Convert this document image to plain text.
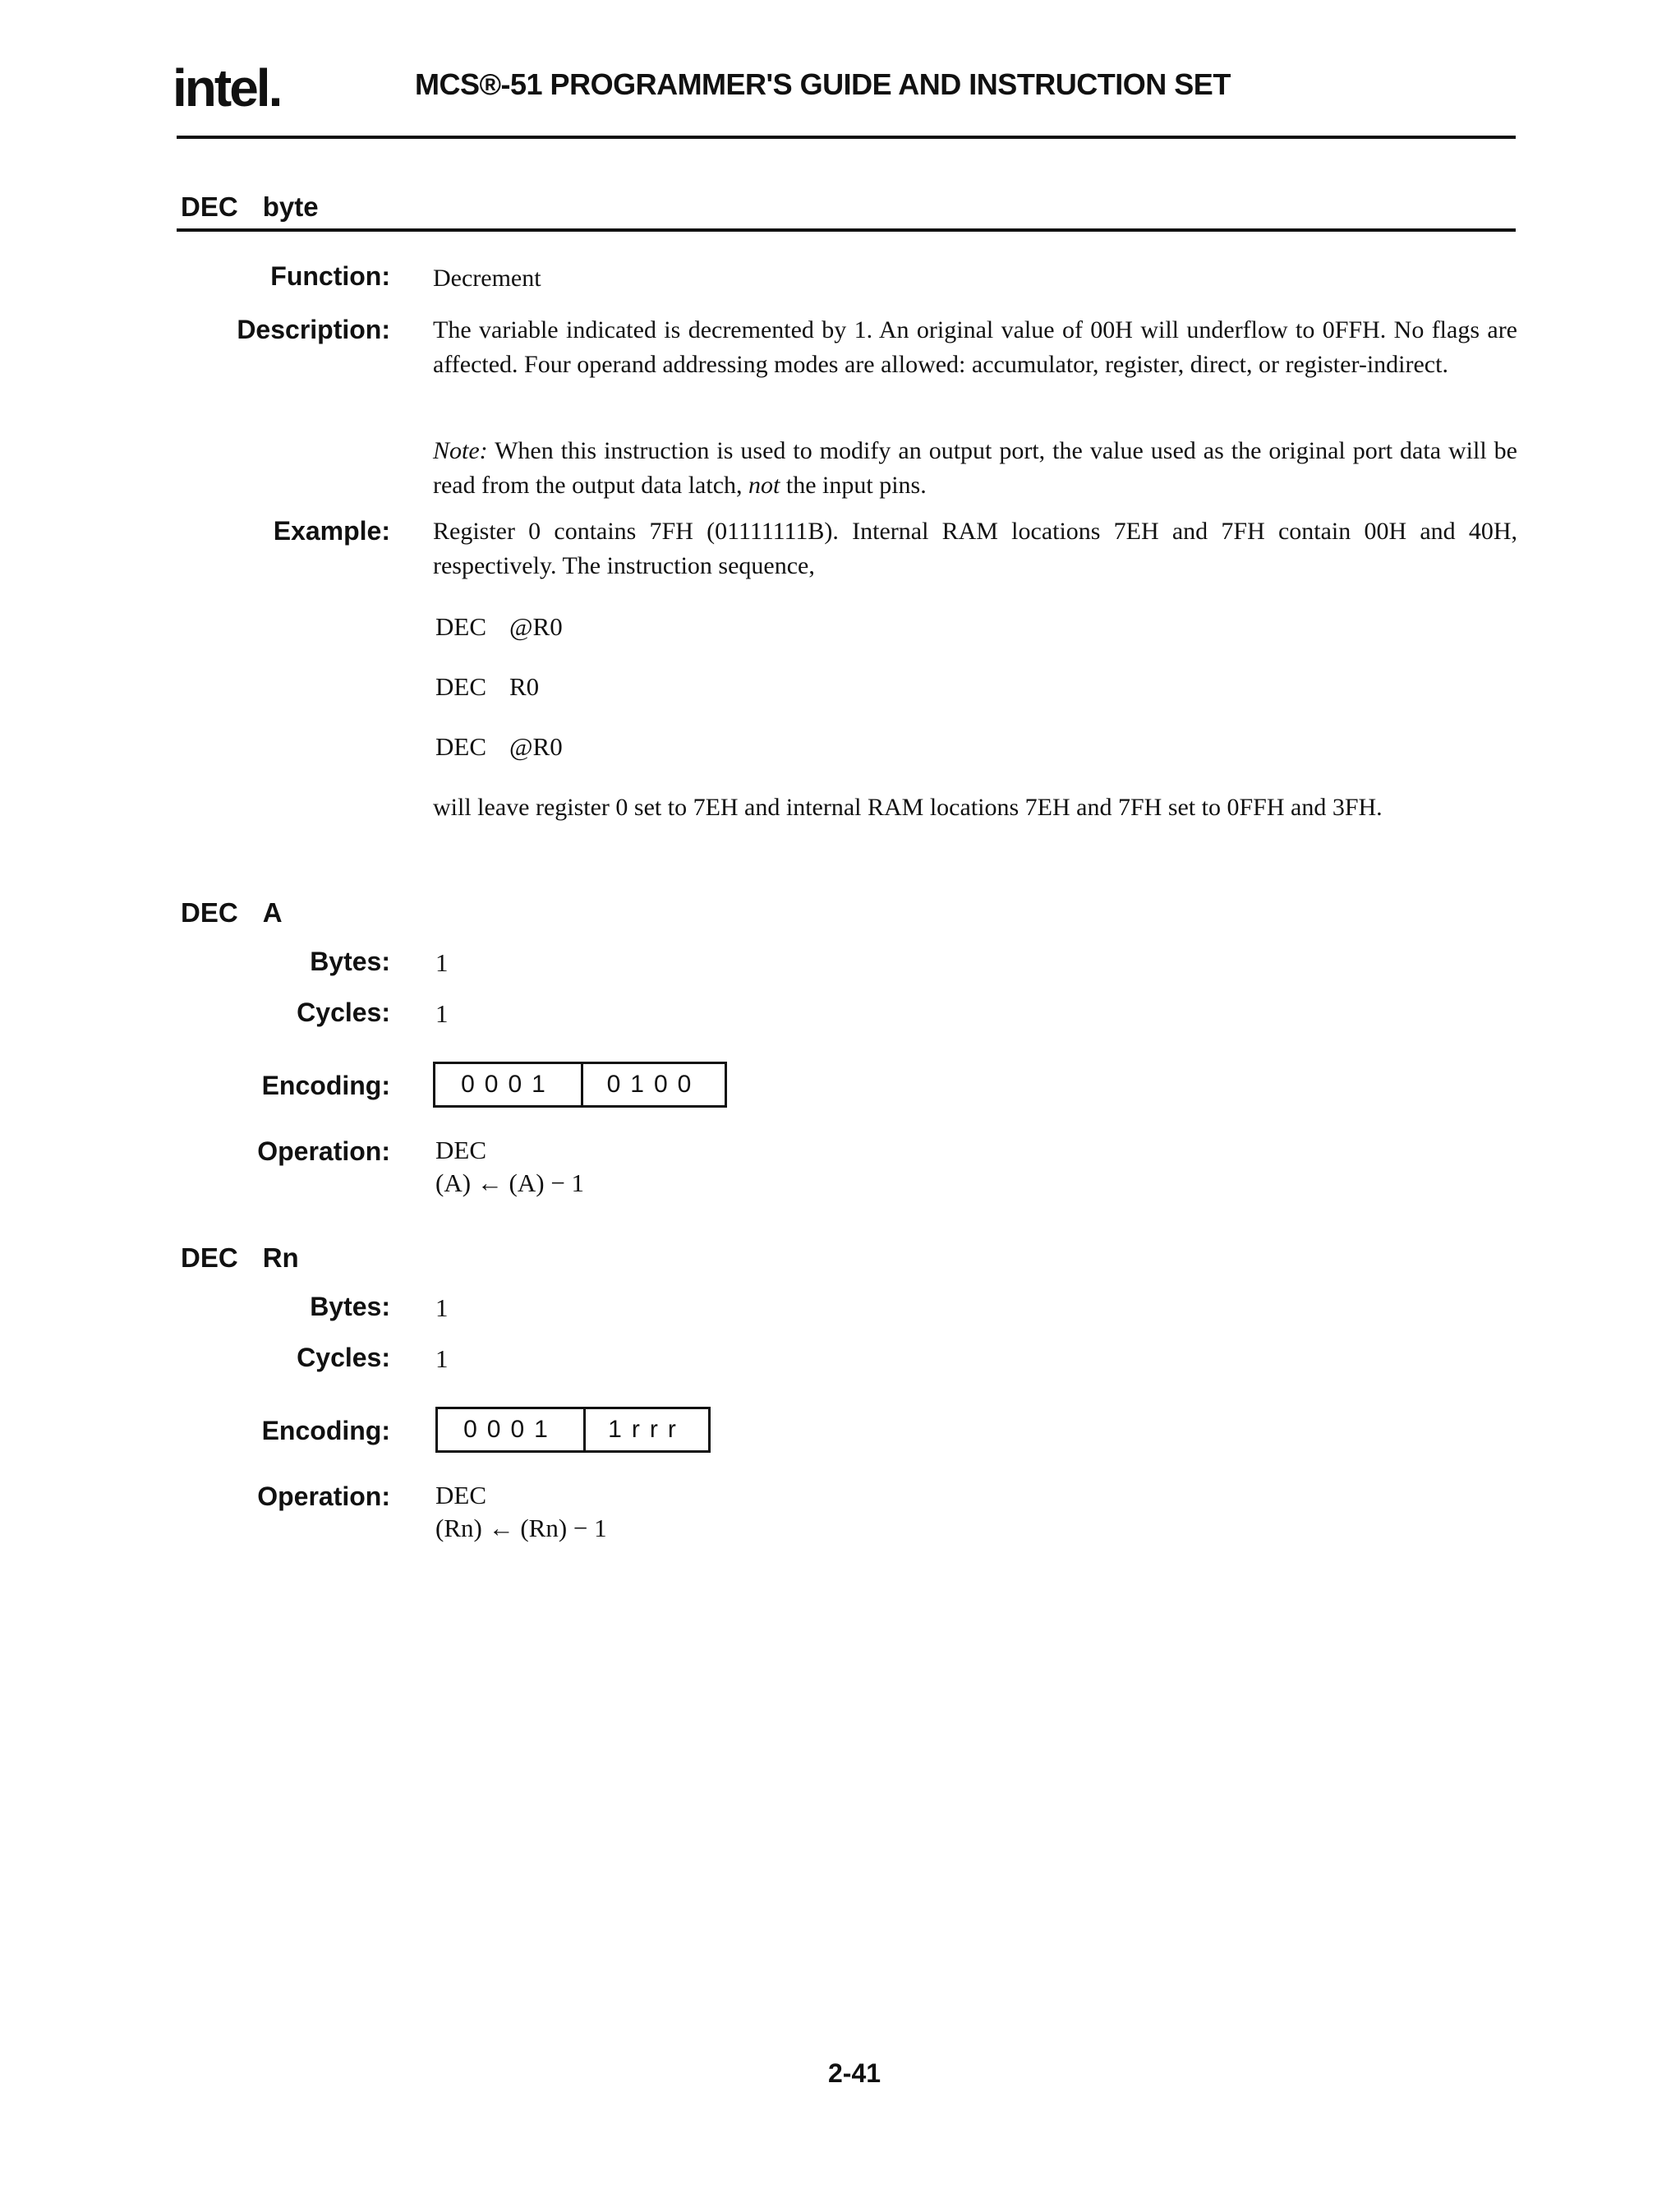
intel.	MCS®-51 PROGRAMMER'S GUIDE AND INSTRUCTION SET
DEC byte
Function: Decrement
Description: The variable indicated is decremented by 1. An original value of 00H will underflow to 0FFH. No flags are affected. Four operand addressing modes are allowed: accumulator, register, direct, or register-indirect.
Note: When this instruction is used to modify an output port, the value used as the original port data will be read from the output data latch, not the input pins.
Example: Register 0 contains 7FH (01111111B). Internal RAM locations 7EH and 7FH contain 00H and 40H, respectively. The instruction sequence,
DEC @R0
DEC R0
DEC @R0
will leave register 0 set to 7EH and internal RAM locations 7EH and 7FH set to 0FFH and 3FH.
DEC A
Bytes: 1
Cycles: 1
Encoding:	0001	0100
Operation: DEC
(A) ← (A) − 1
DEC Rn
Bytes: 1
Cycles: 1
Encoding:	0001	1rrr
Operation: DEC
(Rn) ← (Rn) − 1
2-41
